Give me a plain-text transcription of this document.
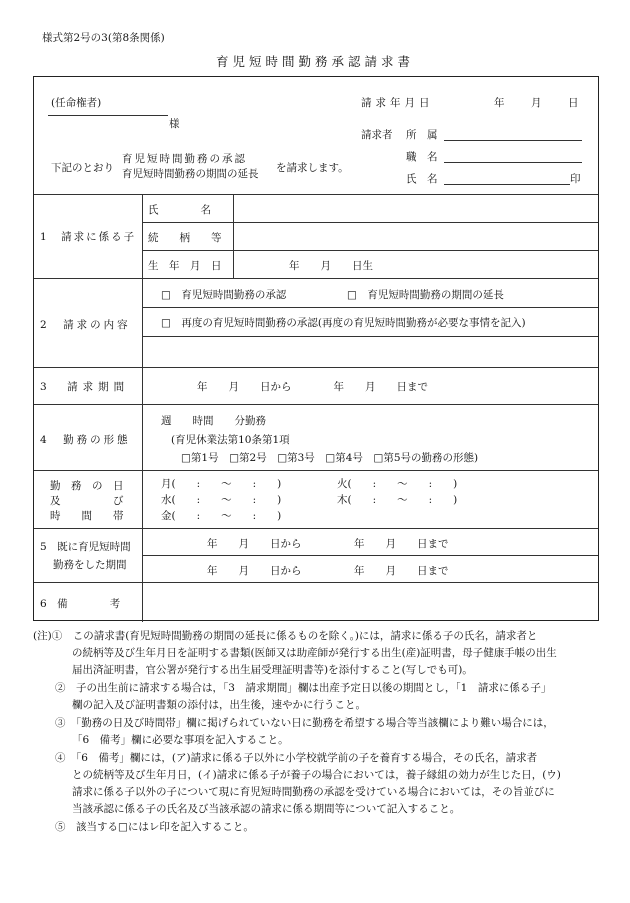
様式第2号の3(第8条関係)
育児短時間勤務承認請求書
(任命権者)
様
請求年月日	年	月	日
請求者 所　属
職　名
氏　名	印
下記のとおり
育児短時間勤務の承認
育児短時間勤務の期間の延長 を請求します。
1　請求に係る子
氏　　　　名
続　　柄　　等
生　年　月　日	年　　月　　日生
2　請求の内容
□　育児短時間勤務の承認	□　育児短時間勤務の期間の延長
□　再度の育児短時間勤務の承認(再度の育児短時間勤務が必要な事情を記入)
3　請求期間	年　　月　　日から　　　　年　　月　　日まで
4　勤務の形態
週　　時間　　分勤務
(育児休業法第10条第1項
□第1号　□第2号　□第3号　□第4号　□第5号の勤務の形態)
勤　務　の　日
及　　　　　び
時　　間　　帯
月(　　:　　〜　　:　　)	火(　　:　　〜　　:　　)
水(　　:　　〜　　:　　)	木(　　:　　〜　　:　　)
金(　　:　　〜　　:　　)
5　既に育児短時間
勤務をした期間
年　　月　　日から　　　　　年　　月　　日まで
年　　月　　日から　　　　　年　　月　　日まで
6　備　　　　考
(注)①　この請求書(育児短時間勤務の期間の延長に係るものを除く。)には，請求に係る子の氏名，請求者と
の続柄等及び生年月日を証明する書類(医師又は助産師が発行する出生(産)証明書，母子健康手帳の出生
届出済証明書，官公署が発行する出生届受理証明書等)を添付すること(写しでも可)。
②　子の出生前に請求する場合は，「3　請求期間」欄は出産予定日以後の期間とし，「1　請求に係る子」
欄の記入及び証明書類の添付は，出生後，速やかに行うこと。
③　「勤務の日及び時間帯」欄に掲げられていない日に勤務を希望する場合等当該欄により難い場合には，
「6　備考」欄に必要な事項を記入すること。
④　「6　備考」欄には，(ア)請求に係る子以外に小学校就学前の子を養育する場合，その氏名，請求者
との続柄等及び生年月日，(イ)請求に係る子が養子の場合においては，養子縁組の効力が生じた日，(ウ)
請求に係る子以外の子について現に育児短時間勤務の承認を受けている場合においては，その旨並びに
当該承認に係る子の氏名及び当該承認の請求に係る期間等について記入すること。
⑤　該当する□にはレ印を記入すること。
